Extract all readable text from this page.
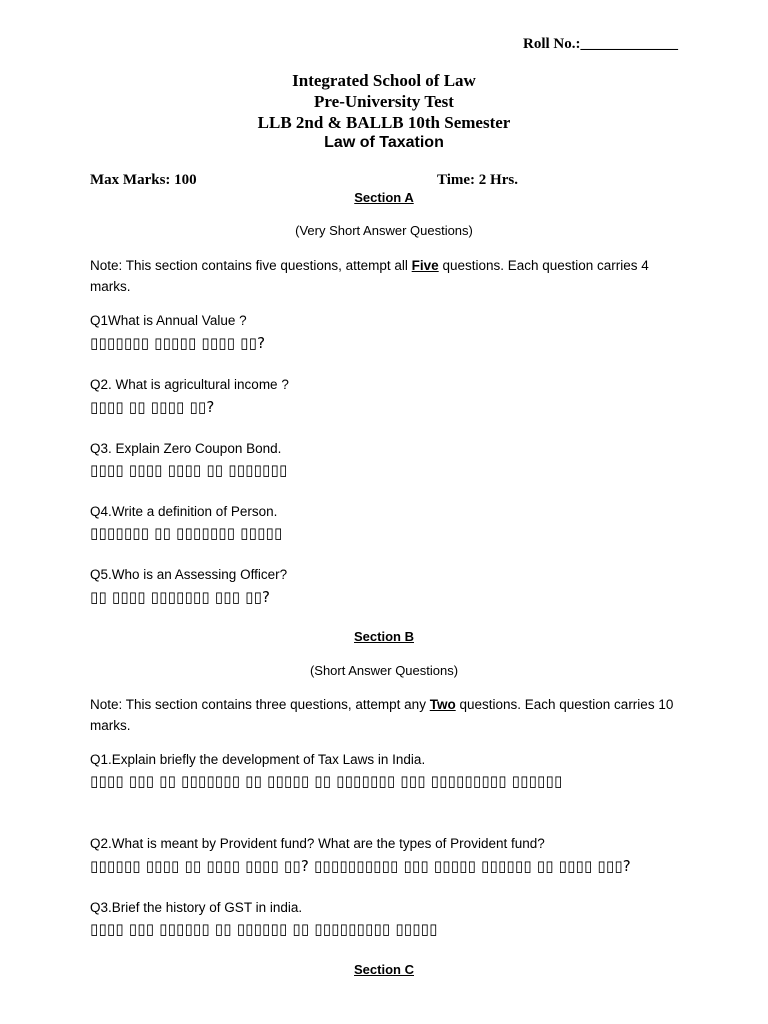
Roll No.:_____________
Integrated School of Law
Pre-University Test
LLB 2nd & BALLB 10th Semester
Law of Taxation
Max Marks: 100	Time: 2 Hrs.
Section A
(Very Short Answer Questions)
Note: This section contains five questions, attempt all Five questions. Each question carries 4 marks.
Q1What is Annual Value ?
▯▯▯▯▯▯▯ ▯▯▯▯▯ ▯▯▯▯ ▯▯?
Q2. What is agricultural income ?
▯▯▯▯ ▯▯ ▯▯▯▯ ▯▯?
Q3. Explain Zero Coupon Bond.
▯▯▯▯ ▯▯▯▯ ▯▯▯▯ ▯▯ ▯▯▯▯▯▯▯
Q4.Write a definition of Person.
▯▯▯▯▯▯▯ ▯▯ ▯▯▯▯▯▯▯ ▯▯▯▯▯
Q5.Who is an Assessing Officer?
▯▯ ▯▯▯▯ ▯▯▯▯▯▯▯ ▯▯▯ ▯▯?
Section B
(Short Answer Questions)
Note: This section contains three questions, attempt any Two questions. Each question carries 10 marks.
Q1.Explain briefly the development of Tax Laws in India.
▯▯▯▯ ▯▯▯ ▯▯ ▯▯▯▯▯▯▯ ▯▯ ▯▯▯▯▯ ▯▯ ▯▯▯▯▯▯▯ ▯▯▯ ▯▯▯▯▯▯▯▯▯ ▯▯▯▯▯▯
Q2.What is meant by Provident fund? What are the types of Provident fund?
▯▯▯▯▯▯ ▯▯▯▯ ▯▯ ▯▯▯▯ ▯▯▯▯ ▯▯? ▯▯▯▯▯▯▯▯▯▯ ▯▯▯ ▯▯▯▯▯ ▯▯▯▯▯▯ ▯▯ ▯▯▯▯ ▯▯▯?
Q3.Brief the history of GST in india.
▯▯▯▯ ▯▯▯ ▯▯▯▯▯▯ ▯▯ ▯▯▯▯▯▯ ▯▯ ▯▯▯▯▯▯▯▯▯ ▯▯▯▯▯
Section C
